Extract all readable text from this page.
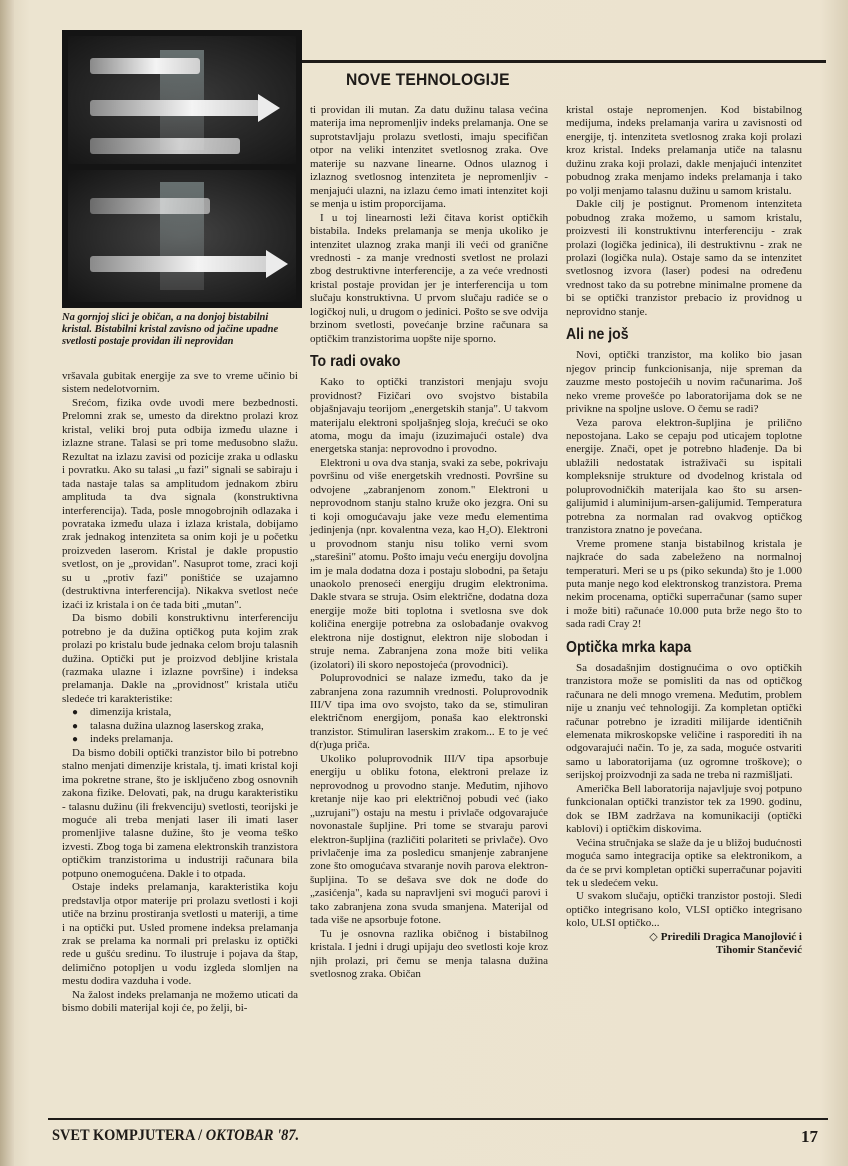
Na gornjoj slici je običan, a na donjoj bistabilni kristal. Bistabilni kristal zavisno od jačine upadne svetlosti postaje providan ili neprovidan
NOVE TEHNOLOGIJE

vršavala gubitak energije za sve to vreme učinio bi sistem nedelotvornim.

Srećom, fizika ovde uvodi mere bezbednosti. Prelomni zrak se, umesto da direktno prolazi kroz kristal, veliki broj puta odbija između ulazne i izlazne strane. Talasi se pri tome međusobno slažu. Rezultat na izlazu zavisi od pozicije zraka u odlasku i povratku. Ako su talasi „u fazi" signali se sabiraju i tada nastaje talas sa amplitudom jednakom zbiru amplituda ta dva signala (konstruktivna interferencija). Tada, posle mnogobrojnih odlazaka i povrataka između ulaza i izlaza kristala, dobijamo zrak jednakog intenziteta sa onim koji je u početku proizveden laserom. Kristal je dakle propustio svetlost, on je „providan". Nasuprot tome, zraci koji su u „protiv fazi" poništiće se uzajamno (destruktivna interferencija). Nikakva svetlost neće izaći iz kristala i on će tada biti „mutan".

Da bismo dobili konstruktivnu interferenciju potrebno je da dužina optičkog puta kojim zrak prolazi po kristalu bude jednaka celom broju talasnih dužina. Optički put je proizvod debljine kristala (razmaka ulazne i izlazne površine) i indeksa prelamanja. Dakle na „providnost" kristala utiču sledeće tri karakteristike:

● dimenzija kristala,
● talasna dužina ulaznog laserskog zraka,
● indeks prelamanja.

Da bismo dobili optički tranzistor bilo bi potrebno stalno menjati dimenzije kristala, tj. imati kristal koji ima pokretne strane, što je isključeno zbog osnovnih zakona fizike. Delovati, pak, na drugu karakteristiku - talasnu dužinu (ili frekvenciju) svetlosti, teorijski je moguće ali treba menjati laser ili imati laser promenljive talasne dužine, što je veoma teško izvesti. Zbog toga bi zamena elektronskih tranzistora optičkim tranzistorima u industriji računara bila potpuno onemogućena. Dakle i to otpada.

Ostaje indeks prelamanja, karakteristika koju predstavlja otpor materije pri prolazu svetlosti i koji utiče na brzinu prostiranja svetlosti u materiji, a time i na optički put. Usled promene indeksa prelamanja zrak se prelama ka normali pri prelasku iz optički rede u gušću sredinu. To ilustruje i pojava da štap, delimično potopljen u vodu izgleda slomljen na mestu dodira vazduha i vode.

Na žalost indeks prelamanja ne možemo uticati da bismo dobili materijal koji će, po želji, bi-

ti providan ili mutan. Za datu dužinu talasa većina materija ima nepromenljiv indeks prelamanja. One se suprotstavljaju prolazu svetlosti, imaju specifičan otpor na veliki intenzitet svetlosnog zraka. Ove materije su nazvane linearne. Odnos ulaznog i izlaznog svetlosnog intenziteta je nepromenljiv - menjajući ulazni, na izlazu ćemo imati intenzitet koji se menja u istim proporcijama.

I u toj linearnosti leži čitava korist optičkih bistabila. Indeks prelamanja se menja ukoliko je intenzitet ulaznog zraka manji ili veći od granične vrednosti - za manje vrednosti svetlost ne prolazi zbog destruktivne interferencije, a za veće vrednosti kristal postaje providan jer je interferencija u tom slučaju konstruktivna. U prvom slučaju radiće se o logičkoj nuli, u drugom o jedinici. Pošto se sve odvija brzinom svetlosti, povećanje brzine računara sa optičkim tranzistorima uopšte nije sporno.

To radi ovako

Kako to optički tranzistori menjaju svoju providnost? Fizičari ovo svojstvo bistabila objašnjavaju teorijom „energetskih stanja". U takvom materijalu elektroni spoljašnjeg sloja, krećući se oko atoma, mogu da imaju (izuzimajući ostale) dva energetska stanja: neprovodno i provodno.

Elektroni u ova dva stanja, svaki za sebe, pokrivaju površinu od više energetskih vrednosti. Površine su odvojene „zabranjenom zonom." Elektroni u neprovodnom stanju stalno kruže oko jezgra. Oni su ti koji omogućavaju jake veze među elementima jedinjenja (npr. kovalentna veza, kao H₂O). Elektroni u provodnom stanju nisu toliko verni svom „starešini" atomu. Pošto imaju veću energiju dovoljna im je mala dodatna doza i postaju slobodni, pa šetaju unaokolo prenoseći energiju drugim elektronima. Dakle stvara se struja. Osim električne, dodatna doza energije može biti toplotna i svetlosna sve dok količina energije potrebna za oslobađanje ovakvog elektrona nije dostignut, elektron nije slobodan i struje nema. Zabranjena zona može biti velika (izolatori) ili skoro nepostojeća (provodnici).

Poluprovodnici se nalaze između, tako da je zabranjena zona razumnih vrednosti. Poluprovodnik III/V tipa ima ovo svojsto, tako da se, stimuliran električnom energijom, ponaša kao elektronski tranzistor. Stimuliran laserskim zrakom... E to je već d(r)uga priča.

Ukoliko poluprovodnik III/V tipa apsorbuje energiju u obliku fotona, elektroni prelaze iz neprovodnog u provodno stanje. Međutim, njihovo kretanje nije kao pri električnoj pobudi već (iako „uzrujani") ostaju na mestu i privlače odgovarajuće novonastale šupljine. Pri tome se stvaraju parovi elektron-šupljina (različiti polariteti se privlače). Ovo privlačenje ima za posledicu smanjenje zabranjene zone što omogućava stvaranje novih parova elektron-šupljina. To se dešava sve dok ne dođe do „zasićenja", kada su napravljeni svi mogući parovi i tako zabranjena zona svuda smanjena. Materijal od tada više ne apsorbuje fotone.

Tu je osnovna razlika običnog i bistabilnog kristala. I jedni i drugi upijaju deo svetlosti koje kroz njih prolazi, pri čemu se menja talasna dužina svetlosnog zraka. Običan

kristal ostaje nepromenjen. Kod bistabilnog medijuma, indeks prelamanja varira u zavisnosti od energije, tj. intenziteta svetlosnog zraka koji prolazi kroz kristal. Indeks prelamanja utiče na talasnu dužinu zraka koji prolazi, dakle menjajući intenzitet pobudnog zraka menjamo indeks prelamanja i tako po volji menjamo talasnu dužinu u samom kristalu.

Dakle cilj je postignut. Promenom intenziteta pobudnog zraka možemo, u samom kristalu, proizvesti ili konstruktivnu interferenciju - zrak prolazi (logička jedinica), ili destruktivnu - zrak ne prolazi (logička nula). Ostaje samo da se intenzitet svetlosnog izvora (laser) podesi na određenu vrednost tako da su potrebne minimalne promene da bi se optički tranzistor prebacio iz providnog u neprovidno stanje.

Ali ne još

Novi, optički tranzistor, ma koliko bio jasan njegov princip funkcionisanja, nije spreman da zauzme mesto postojećih u novim računarima. Još neko vreme provešće po laboratorijama dok se ne privikne na spoljne uslove. O čemu se radi?

Veza parova elektron-šupljina je prilično nepostojana. Lako se cepaju pod uticajem toplotne energije. Znači, opet je potrebno hlađenje. Da bi ublažili nedostatak istraživači su ispitali kompleksnije strukture od dvodelnog kristala od poluprovodničkih materijala kao što su arsen-galijumid i aluminijum-arsen-galijumid. Temperatura potrebna za normalan rad ovakvog optičkog tranzistora znatno je povećana.

Vreme promene stanja bistabilnog kristala je najkraće do sada zabeleženo na normalnoj temperaturi. Meri se u ps (piko sekunda) što je 1.000 puta manje nego kod elektronskog tranzistora. Prema nekim procenama, optički superračunar (samo super i može biti) računaće 10.000 puta brže nego što to sada radi Cray 2!

Optička mrka kapa

Sa dosadašnjim dostignućima o ovo optičkih tranzistora može se pomisliti da nas od optičkog računara ne deli mnogo vremena. Međutim, problem nije u znanju već tehnologiji. Za kompletan optički računar potrebno je izraditi milijarde identičnih elemenata mikroskopske veličine i rasporediti ih na odgovarajući način. To je, za sada, moguće ostvariti samo u laboratorijama (uz ogromne troškove); o serijskoj proizvodnji za sada ne treba ni razmišljati.

Američka Bell laboratorija najavljuje svoj potpuno funkcionalan optički tranzistor tek za 1990. godinu, dok se IBM zadržava na komunikaciji (optički kablovi) i optičkim diskovima.

Većina stručnjaka se slaže da je u bližoj budućnosti moguća samo integracija optike sa elektronikom, a da će se prvi kompletan optički superračunar pojaviti tek u sledećem veku.

U svakom slučaju, optički tranzistor postoji. Sledi optičko integrisano kolo, VLSI optičko integrisano kolo, ULSI optičko...

◇ Priredili Dragica Manojlović i
Tihomir Stančević
SVET KOMPJUTERA / OKTOBAR '87.	17
